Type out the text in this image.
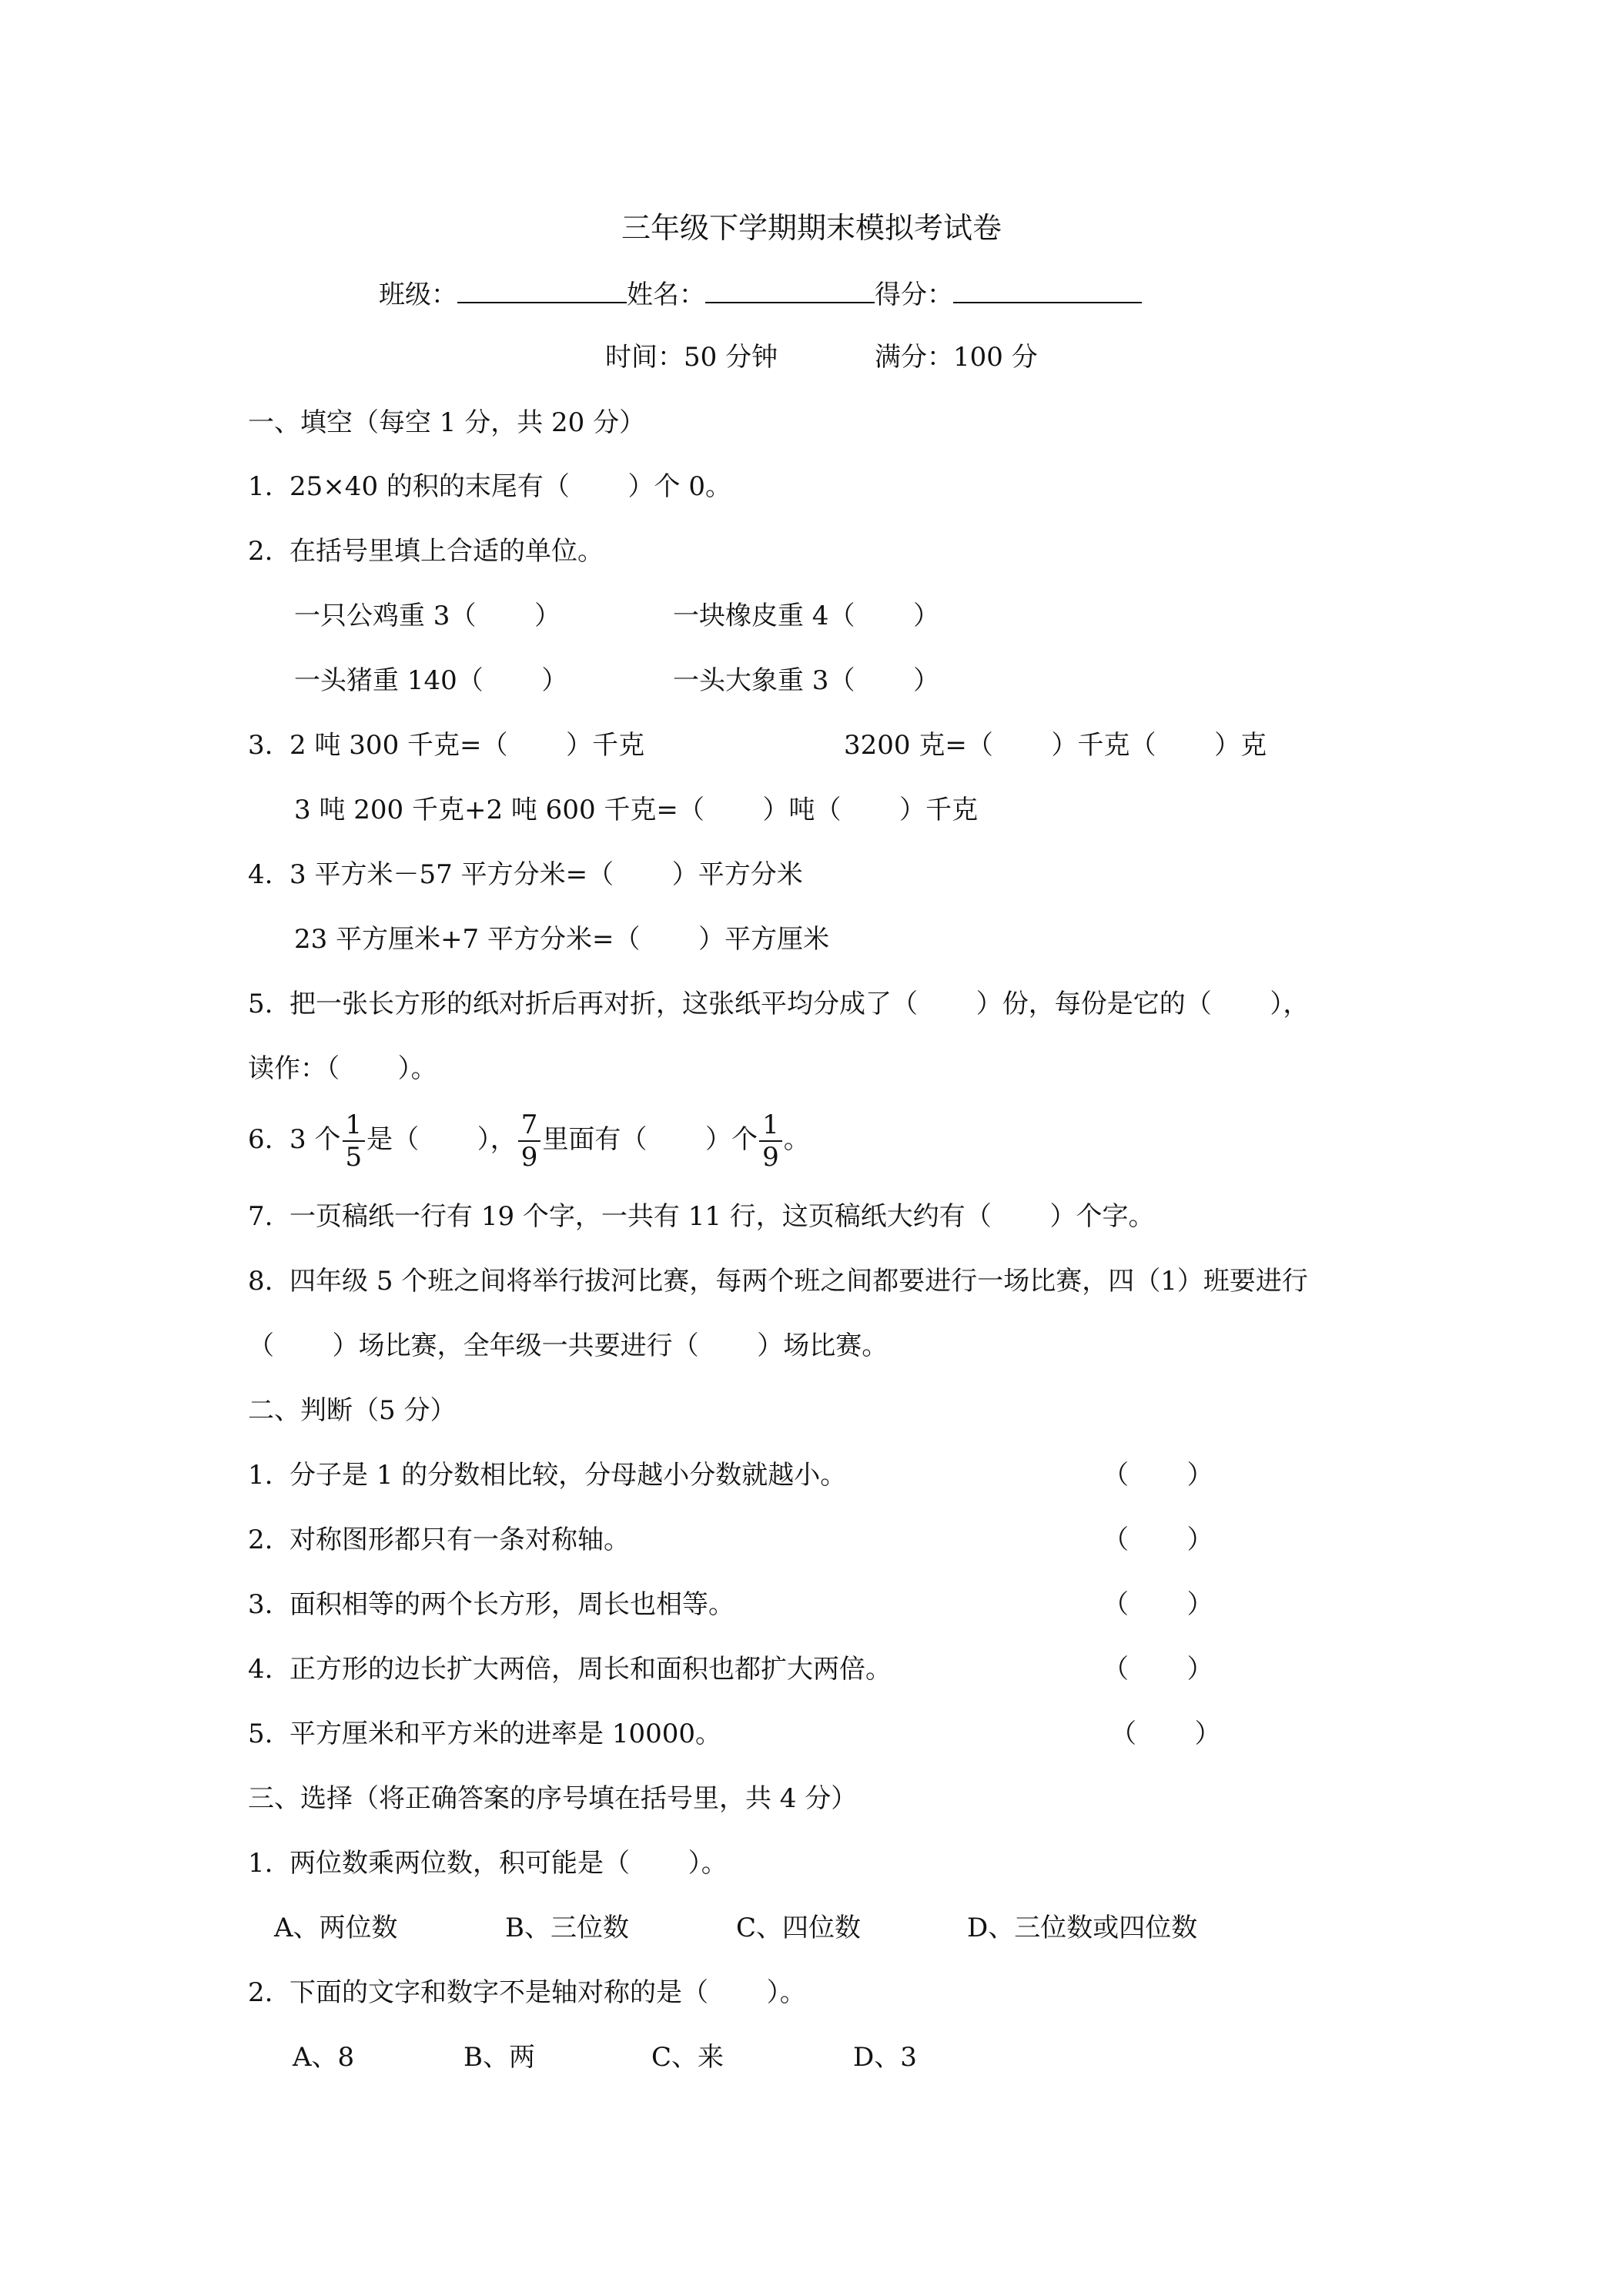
三年级下学期期末模拟考试卷
班级：	姓名：	得分：
时间：50 分钟	满分：100 分
一、填空（每空 1 分，共 20 分）
1.  25×40 的积的末尾有（       ）个 0。
2.  在括号里填上合适的单位。
一只公鸡重 3（       ）	一块橡皮重 4（       ）
一头猪重 140（       ）	一头大象重 3（       ）
3.  2 吨 300 千克=（       ）千克	3200 克=（       ）千克（       ）克
3 吨 200 千克+2 吨 600 千克=（       ）吨（       ）千克
4.  3 平方米－57 平方分米=（       ）平方分米
23 平方厘米+7 平方分米=（       ）平方厘米
5.  把一张长方形的纸对折后再对折，这张纸平均分成了（       ）份，每份是它的（       ），
读作：（       ）。
6.  3 个 $\frac{1}{5}$ 是（       ）， $\frac{7}{9}$ 里面有（       ）个 $\frac{1}{9}$ 。
7.  一页稿纸一行有 19 个字，一共有 11 行，这页稿纸大约有（       ）个字。
8.  四年级 5 个班之间将举行拔河比赛，每两个班之间都要进行一场比赛，四（1）班要进行
（       ）场比赛，全年级一共要进行（       ）场比赛。
二、判断（5 分）
1.  分子是 1 的分数相比较，分母越小分数就越小。	（       ）
2.  对称图形都只有一条对称轴。	（       ）
3.  面积相等的两个长方形，周长也相等。	（       ）
4.  正方形的边长扩大两倍，周长和面积也都扩大两倍。	（       ）
5.  平方厘米和平方米的进率是 10000。	（       ）
三、选择（将正确答案的序号填在括号里，共 4 分）
1.  两位数乘两位数，积可能是（       ）。
A、两位数	B、三位数	C、四位数	D、三位数或四位数
2.  下面的文字和数字不是轴对称的是（       ）。
A、8	B、两	C、来	D、3
